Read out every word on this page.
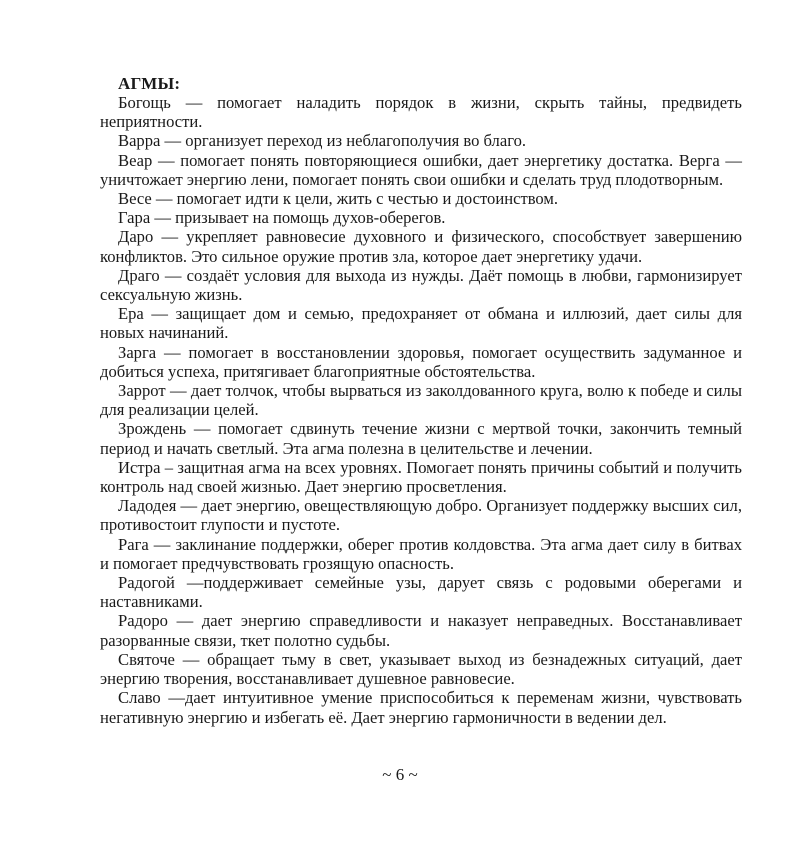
АГМЫ:

Богощь — помогает наладить порядок в жизни, скрыть тайны, предвидеть неприятности.

Варра — организует переход из неблагополучия во благо.

Веар — помогает понять повторяющиеся ошибки, дает энергетику достатка. Верга — уничтожает энергию лени, помогает понять свои ошибки и сделать труд плодотворным.

Весе — помогает идти к цели, жить с честью и достоинством.

Гара — призывает на помощь духов-оберегов.

Даро — укрепляет равновесие духовного и физического, способствует завершению конфликтов. Это сильное оружие против зла, которое дает энергетику удачи.

Драго — создаёт условия для выхода из нужды. Даёт помощь в любви, гармонизирует сексуальную жизнь.

Ера — защищает дом и семью, предохраняет от обмана и иллюзий, дает силы для новых начинаний.

Зарга — помогает в восстановлении здоровья, помогает осуществить задуманное и добиться успеха, притягивает благоприятные обстоятельства.

Заррот — дает толчок, чтобы вырваться из заколдованного круга, волю к победе и силы для реализации целей.

Зрождень — помогает сдвинуть течение жизни с мертвой точки, закончить темный период и начать светлый. Эта агма полезна в целительстве и лечении.

Истра – защитная агма на всех уровнях. Помогает понять причины событий и получить контроль над своей жизнью. Дает энергию просветления.

Ладодея — дает энергию, овеществляющую добро. Организует поддержку высших сил, противостоит глупости и пустоте.

Рага — заклинание поддержки, оберег против колдовства. Эта агма дает силу в битвах и помогает предчувствовать грозящую опасность.

Радогой —поддерживает семейные узы, дарует связь с родовыми оберегами и наставниками.

Радоро — дает энергию справедливости и наказует неправедных. Восстанавливает разорванные связи, ткет полотно судьбы.

Святоче — обращает тьму в свет, указывает выход из безнадежных ситуаций, дает энергию творения, восстанавливает душевное равновесие.

Славо —дает интуитивное умение приспособиться к переменам жизни, чувствовать негативную энергию и избегать её. Дает энергию гармоничности в ведении дел.

~ 6 ~
